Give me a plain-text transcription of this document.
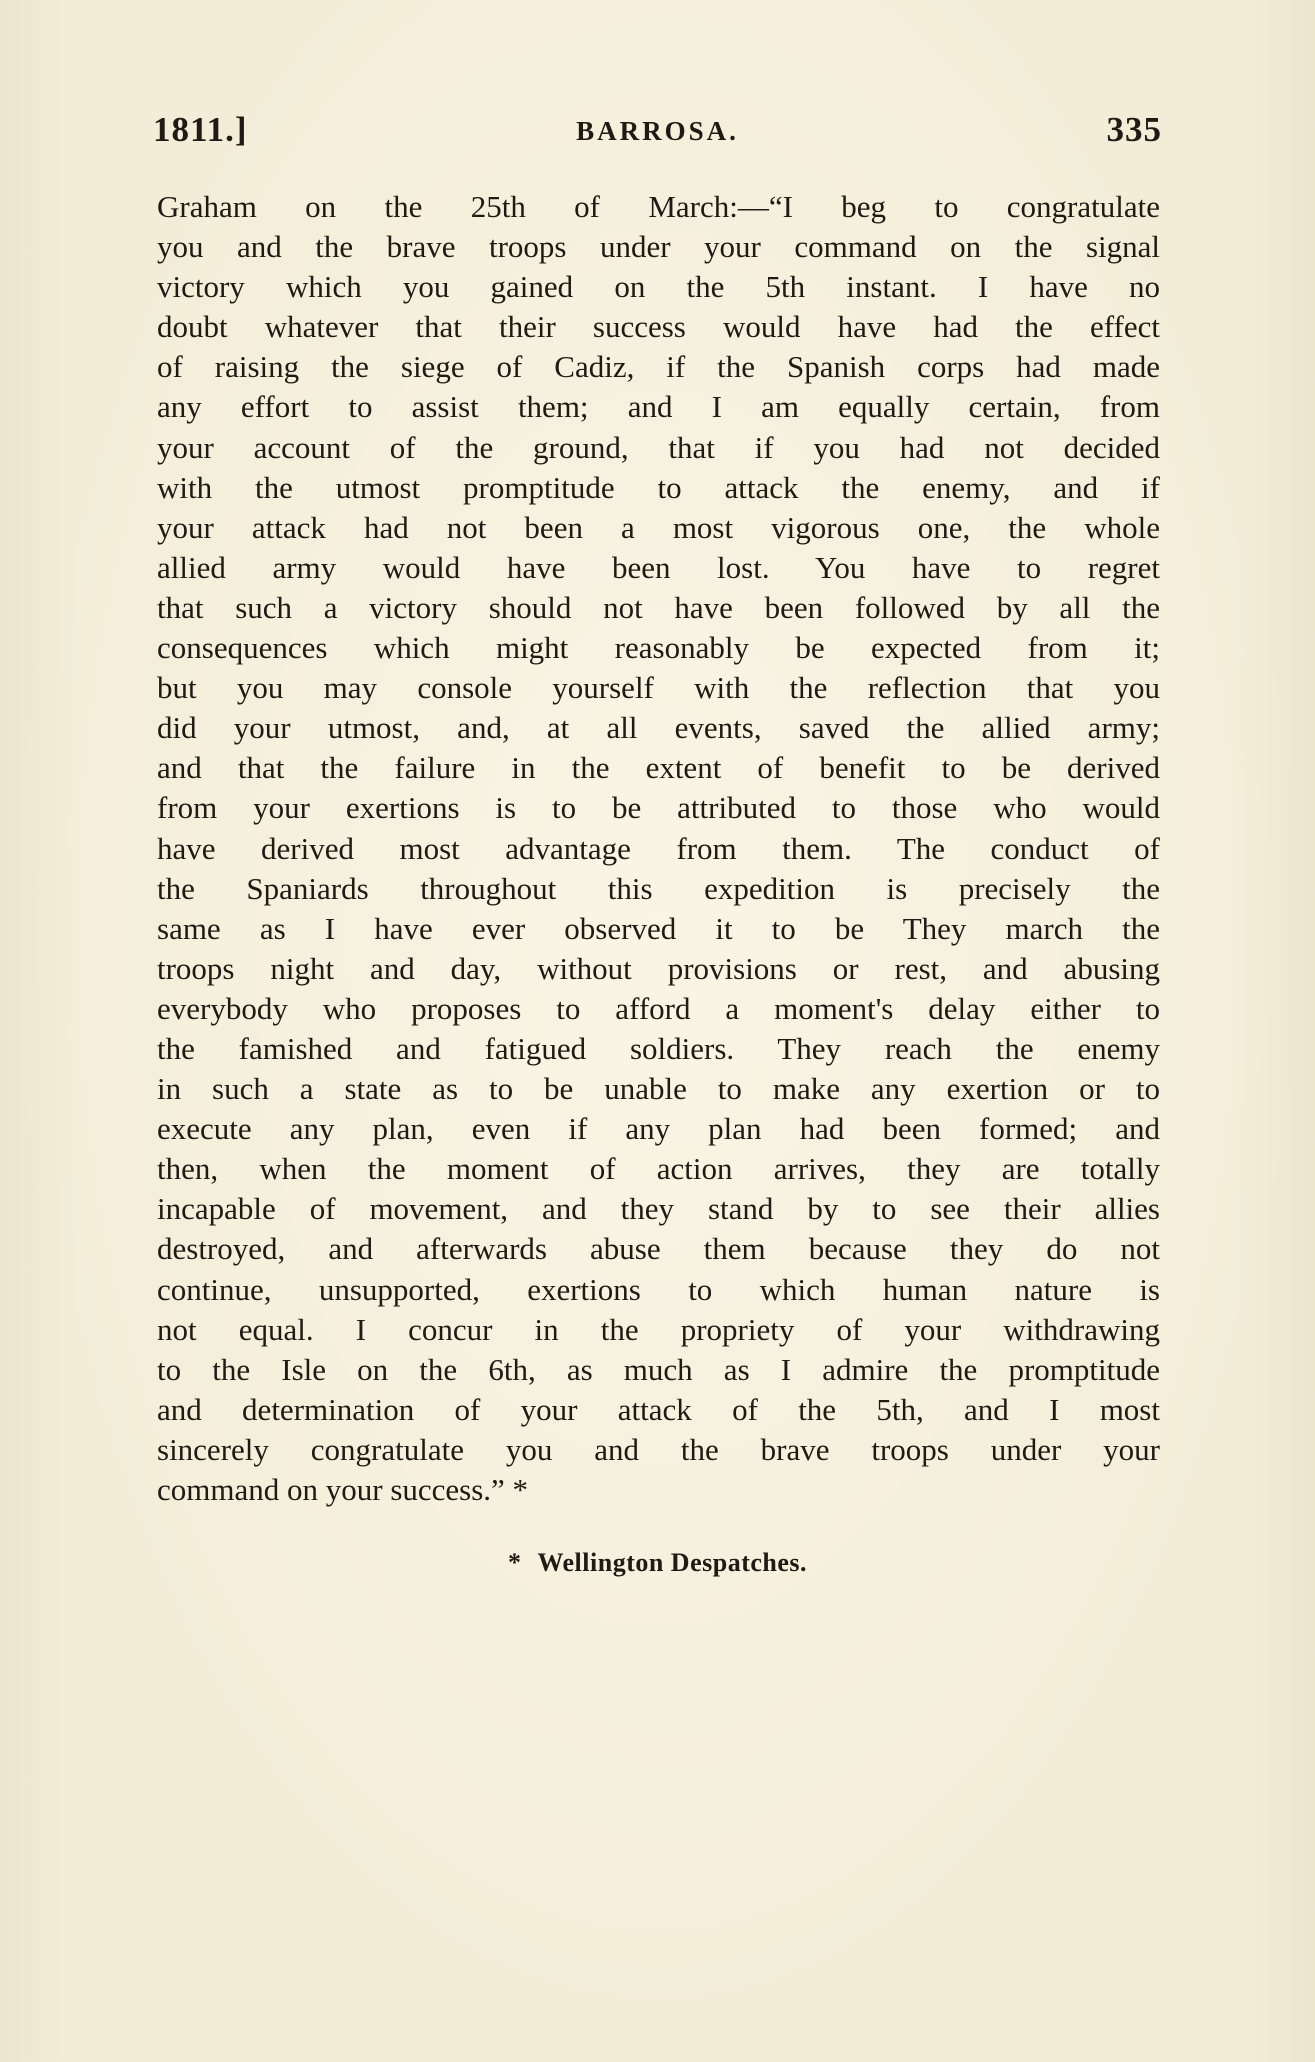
1811.]	BARROSA.	335
Graham on the 25th of March:—“I beg to congratulate
you and the brave troops under your command on the signal
victory which you gained on the 5th instant. I have no
doubt whatever that their success would have had the effect
of raising the siege of Cadiz, if the Spanish corps had made
any effort to assist them; and I am equally certain, from
your account of the ground, that if you had not decided
with the utmost promptitude to attack the enemy, and if
your attack had not been a most vigorous one, the whole
allied army would have been lost. You have to regret
that such a victory should not have been followed by all the
consequences which might reasonably be expected from it;
but you may console yourself with the reflection that you
did your utmost, and, at all events, saved the allied army;
and that the failure in the extent of benefit to be derived
from your exertions is to be attributed to those who would
have derived most advantage from them. The conduct of
the Spaniards throughout this expedition is precisely the
same as I have ever observed it to be They march the
troops night and day, without provisions or rest, and abusing
everybody who proposes to afford a moment's delay either to
the famished and fatigued soldiers. They reach the enemy
in such a state as to be unable to make any exertion or to
execute any plan, even if any plan had been formed; and
then, when the moment of action arrives, they are totally
incapable of movement, and they stand by to see their allies
destroyed, and afterwards abuse them because they do not
continue, unsupported, exertions to which human nature is
not equal. I concur in the propriety of your withdrawing
to the Isle on the 6th, as much as I admire the promptitude
and determination of your attack of the 5th, and I most
sincerely congratulate you and the brave troops under your
command on your success.” *
* Wellington Despatches.
